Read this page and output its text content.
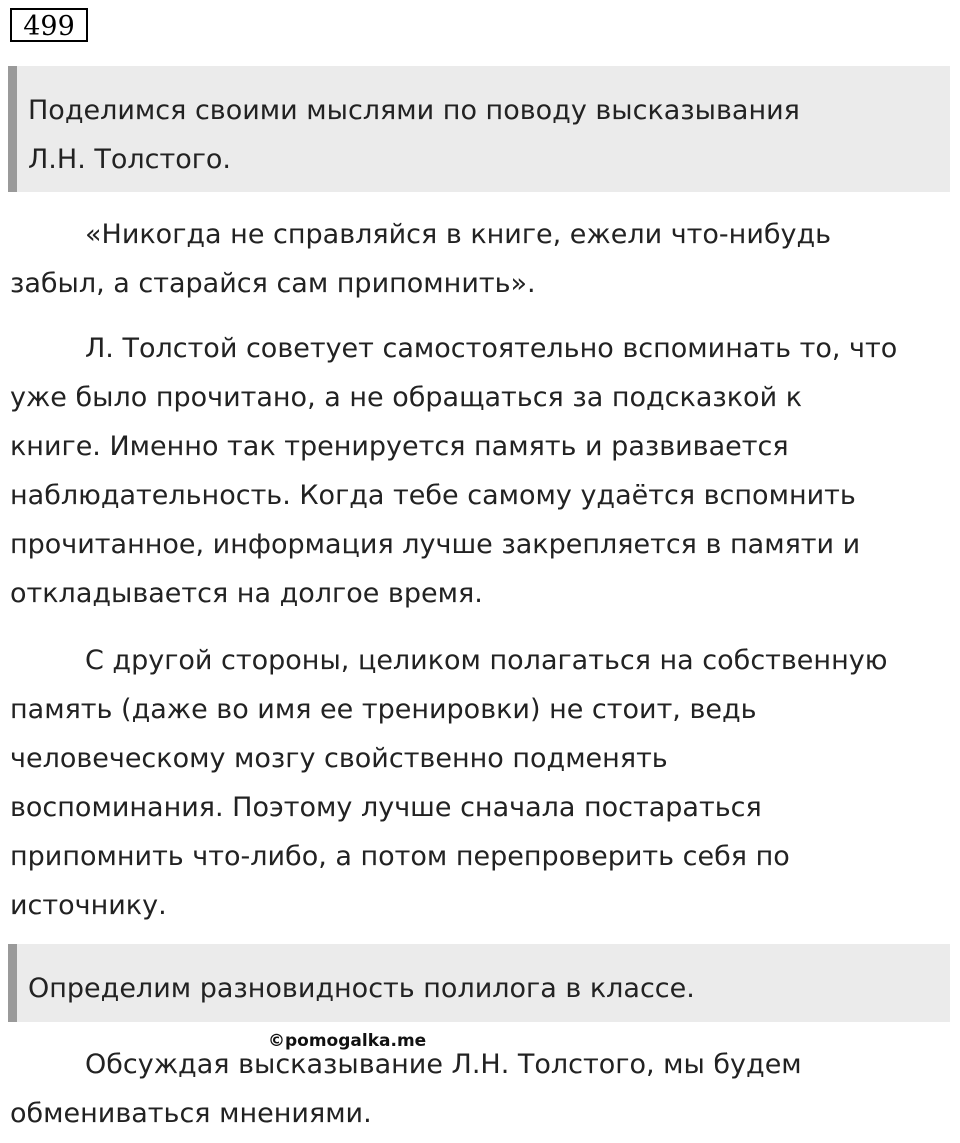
499

Поделимся своими мыслями по поводу высказывания
Л.Н. Толстого.

«Никогда не справляйся в книге, ежели что-нибудь
забыл, а старайся сам припомнить».

Л. Толстой советует самостоятельно вспоминать то, что
уже было прочитано, а не обращаться за подсказкой к
книге. Именно так тренируется память и развивается
наблюдательность. Когда тебе самому удаётся вспомнить
прочитанное, информация лучше закрепляется в памяти и
откладывается на долгое время.

С другой стороны, целиком полагаться на собственную
память (даже во имя ее тренировки) не стоит, ведь
человеческому мозгу свойственно подменять
воспоминания. Поэтому лучше сначала постараться
припомнить что-либо, а потом перепроверить себя по
источнику.

Определим разновидность полилога в классе.

Обсуждая высказывание Л.Н. Толстого, мы будем
обмениваться мнениями.

©pomogalka.me
